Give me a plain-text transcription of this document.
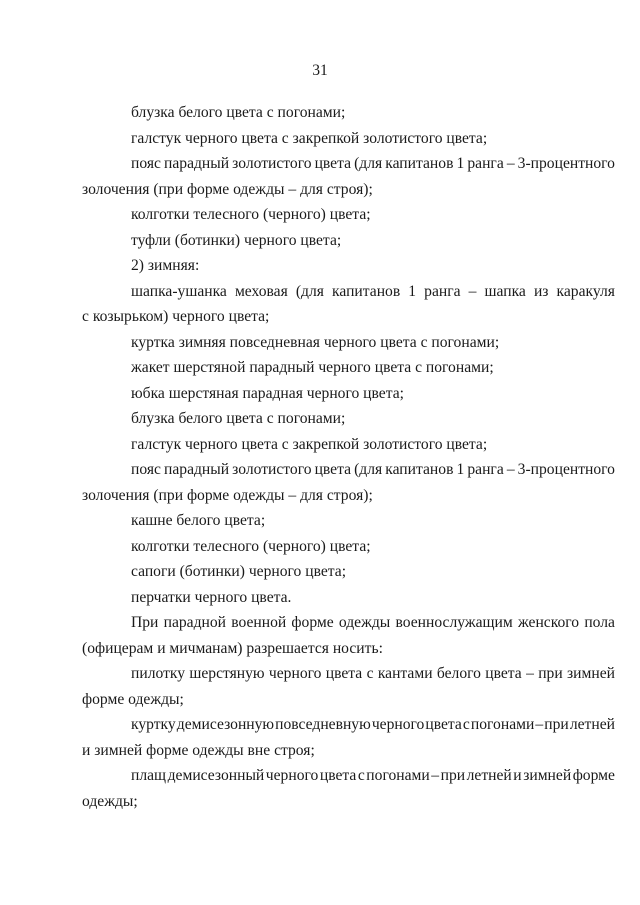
31
блузка белого цвета с погонами;
галстук черного цвета с закрепкой золотистого цвета;
пояс парадный золотистого цвета (для капитанов 1 ранга – 3-процентного
золочения (при форме одежды – для строя);
колготки телесного (черного) цвета;
туфли (ботинки) черного цвета;
2) зимняя:
шапка-ушанка меховая (для капитанов 1 ранга – шапка из каракуля
с козырьком) черного цвета;
куртка зимняя повседневная черного цвета с погонами;
жакет шерстяной парадный черного цвета с погонами;
юбка шерстяная парадная черного цвета;
блузка белого цвета с погонами;
галстук черного цвета с закрепкой золотистого цвета;
пояс парадный золотистого цвета (для капитанов 1 ранга – 3-процентного
золочения (при форме одежды – для строя);
кашне белого цвета;
колготки телесного (черного) цвета;
сапоги (ботинки) черного цвета;
перчатки черного цвета.
При парадной военной форме одежды военнослужащим женского пола
(офицерам и мичманам) разрешается носить:
пилотку шерстяную черного цвета с кантами белого цвета – при зимней
форме одежды;
куртку демисезонную повседневную черного цвета с погонами – при летней
и зимней форме одежды вне строя;
плащ демисезонный черного цвета с погонами – при летней и зимней форме
одежды;
